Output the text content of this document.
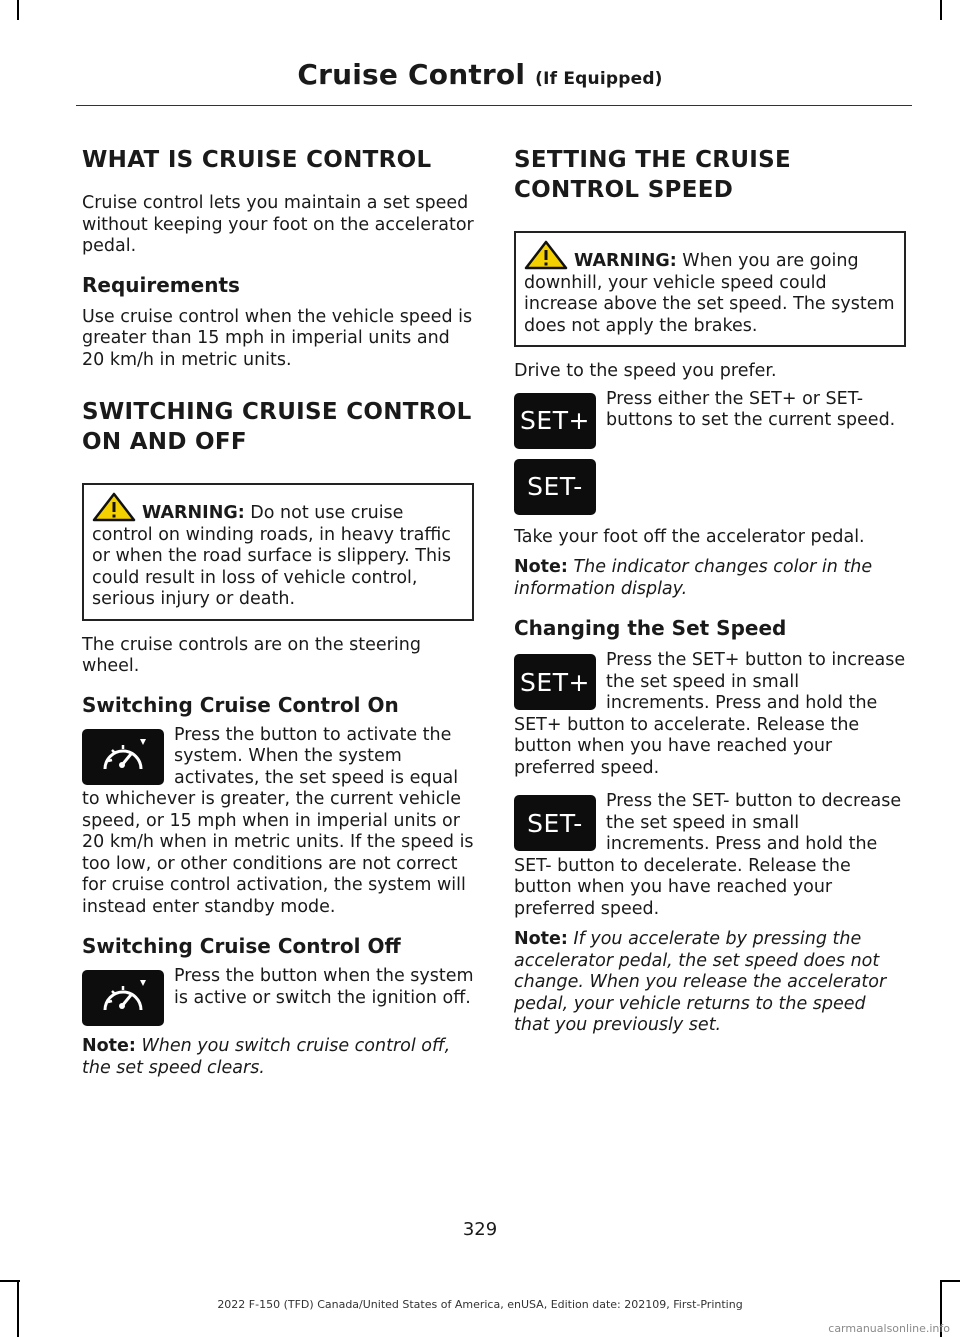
Cruise Control (If Equipped)
WHAT IS CRUISE CONTROL

Cruise control lets you maintain a set speed without keeping your foot on the accelerator pedal.

Requirements

Use cruise control when the vehicle speed is greater than 15 mph in imperial units and 20 km/h in metric units.

SWITCHING CRUISE CONTROL
ON AND OFF

WARNING: Do not use cruise control on winding roads, in heavy traffic or when the road surface is slippery. This could result in loss of vehicle control, serious injury or death.

The cruise controls are on the steering wheel.

Switching Cruise Control On

Press the button to activate the system. When the system activates, the set speed is equal to whichever is greater, the current vehicle speed, or 15 mph when in imperial units or 20 km/h when in metric units. If the speed is too low, or other conditions are not correct for cruise control activation, the system will instead enter standby mode.

Switching Cruise Control Off

Press the button when the system is active or switch the ignition off.

Note: When you switch cruise control off, the set speed clears.

SETTING THE CRUISE
CONTROL SPEED

WARNING: When you are going downhill, your vehicle speed could increase above the set speed. The system does not apply the brakes.

Drive to the speed you prefer.

SET+

Press either the SET+ or SET- buttons to set the current speed.

SET-

Take your foot off the accelerator pedal.

Note: The indicator changes color in the information display.

Changing the Set Speed
SET+

Press the SET+ button to increase the set speed in small increments. Press and hold the SET+ button to accelerate. Release the button when you have reached your preferred speed.

SET-

Press the SET- button to decrease the set speed in small increments. Press and hold the SET- button to decelerate. Release the button when you have reached your preferred speed.

Note: If you accelerate by pressing the accelerator pedal, the set speed does not change. When you release the accelerator pedal, your vehicle returns to the speed that you previously set.

329
2022 F-150 (TFD) Canada/United States of America, enUSA, Edition date: 202109, First-Printing
carmanualsonline.info
